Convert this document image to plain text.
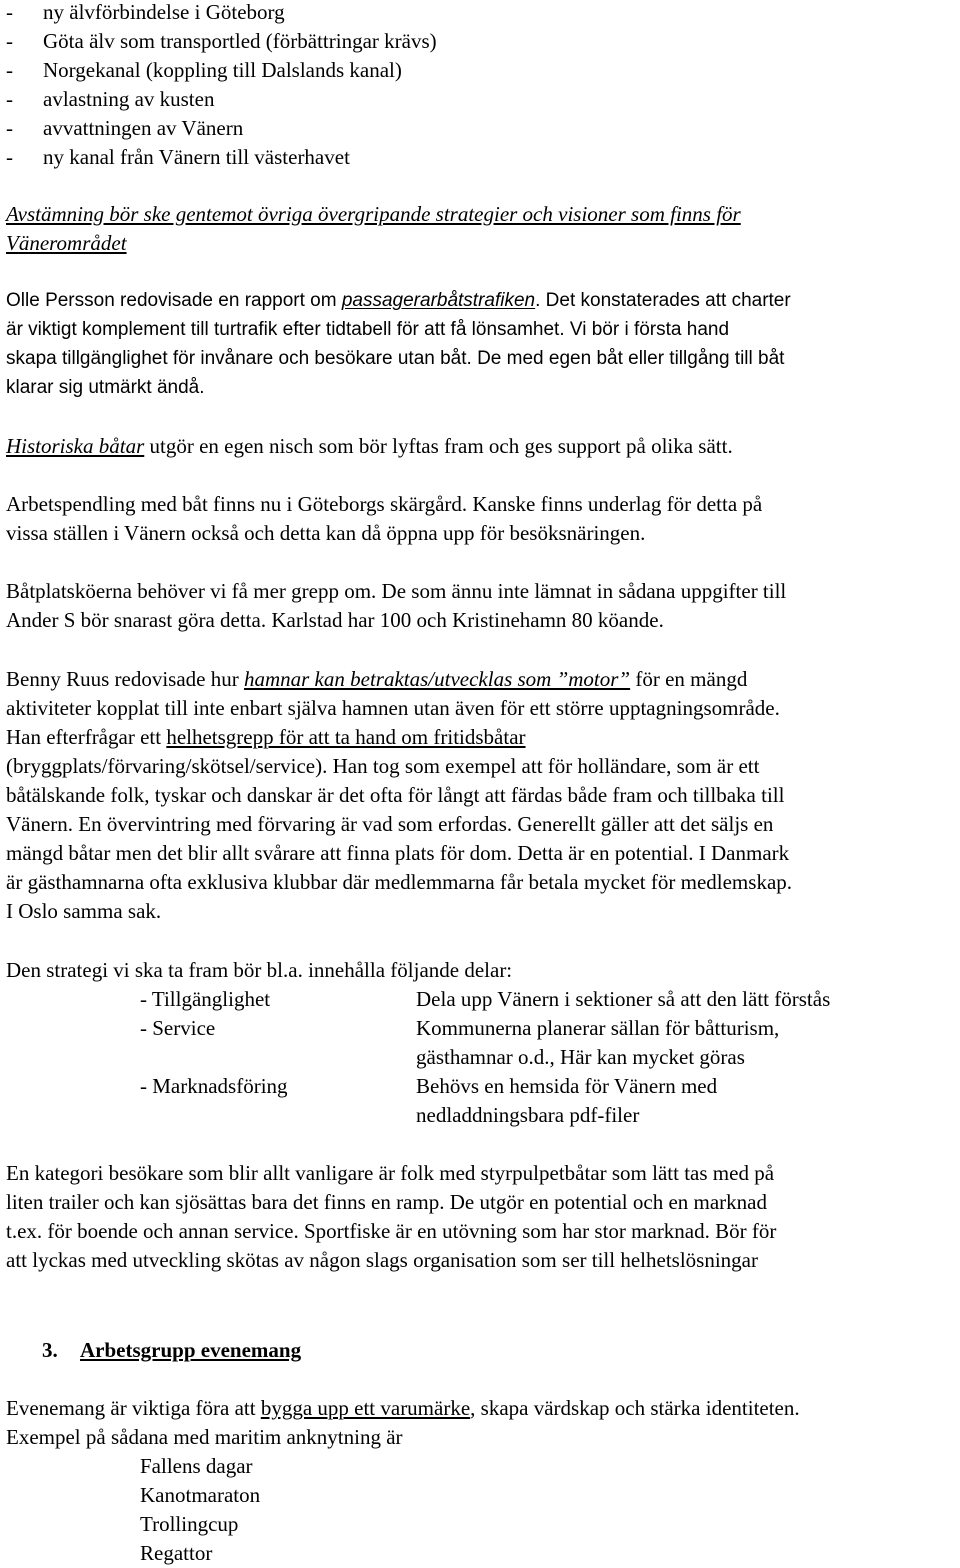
- ny älvförbindelse i Göteborg
- Göta älv som transportled (förbättringar krävs)
- Norgekanal (koppling till Dalslands kanal)
- avlastning av kusten
- avvattningen av Vänern
- ny kanal från Vänern till västerhavet
Avstämning bör ske gentemot övriga övergripande strategier och visioner som finns för
Vänerområdet
Olle Persson redovisade en rapport om passagerarbåtstrafiken. Det konstaterades att charter
är viktigt komplement till turtrafik efter tidtabell för att få lönsamhet. Vi bör i första hand
skapa tillgänglighet för invånare och besökare utan båt. De med egen båt eller tillgång till båt
klarar sig utmärkt ändå.
Historiska båtar utgör en egen nisch som bör lyftas fram och ges support på olika sätt.
Arbetspendling med båt finns nu i Göteborgs skärgård. Kanske finns underlag för detta på
vissa ställen i Vänern också och detta kan då öppna upp för besöksnäringen.
Båtplatsköerna behöver vi få mer grepp om. De som ännu inte lämnat in sådana uppgifter till
Ander S bör snarast göra detta. Karlstad har 100 och Kristinehamn 80 köande.
Benny Ruus redovisade hur hamnar kan betraktas/utvecklas som ”motor” för en mängd
aktiviteter kopplat till inte enbart själva hamnen utan även för ett större upptagningsområde.
Han efterfrågar ett helhetsgrepp för att ta hand om fritidsbåtar
(bryggplats/förvaring/skötsel/service). Han tog som exempel att för holländare, som är ett
båtälskande folk, tyskar och danskar är det ofta för långt att färdas både fram och tillbaka till
Vänern. En övervintring med förvaring är vad som erfordas. Generellt gäller att det säljs en
mängd båtar men det blir allt svårare att finna plats för dom. Detta är en potential. I Danmark
är gästhamnarna ofta exklusiva klubbar där medlemmarna får betala mycket för medlemskap.
I Oslo samma sak.
Den strategi vi ska ta fram bör bl.a. innehålla följande delar:
- Tillgänglighet	Dela upp Vänern i sektioner så att den lätt förstås
- Service	Kommunerna planerar sällan för båtturism,
gästhamnar o.d., Här kan mycket göras
- Marknadsföring	Behövs en hemsida för Vänern med
nedladdningsbara pdf-filer
En kategori besökare som blir allt vanligare är folk med styrpulpetbåtar som lätt tas med på
liten trailer och kan sjösättas bara det finns en ramp. De utgör en potential och en marknad
t.ex. för boende och annan service. Sportfiske är en utövning som har stor marknad. Bör för
att lyckas med utveckling skötas av någon slags organisation som ser till helhetslösningar
3. Arbetsgrupp evenemang
Evenemang är viktiga föra att bygga upp ett varumärke, skapa värdskap och stärka identiteten.
Exempel på sådana med maritim anknytning är
Fallens dagar
Kanotmaraton
Trollingcup
Regattor
